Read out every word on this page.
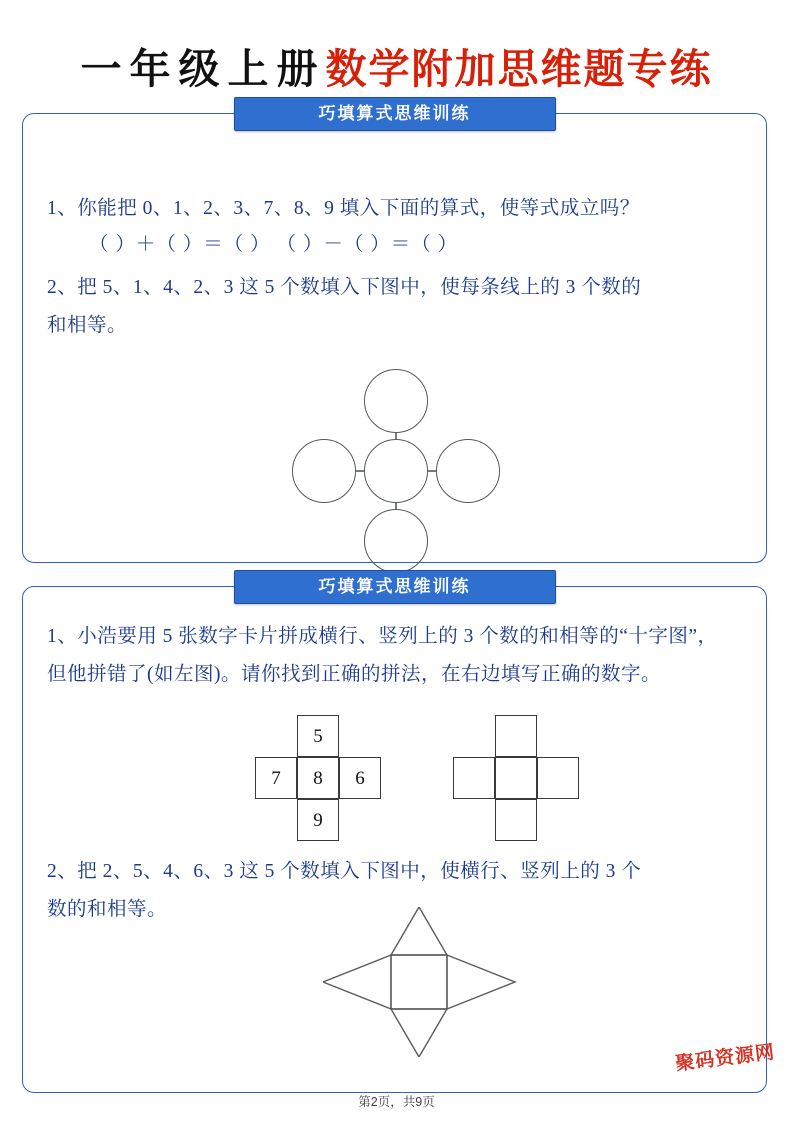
一年级上册数学附加思维题专练
巧填算式思维训练
1、你能把 0、1、2、3、7、8、9 填入下面的算式，使等式成立吗？
（ ）＋（ ）＝（ ） （ ）－（ ）＝（ ）
2、把 5、1、4、2、3 这 5 个数填入下图中，使每条线上的 3 个数的
和相等。
巧填算式思维训练
1、小浩要用 5 张数字卡片拼成横行、竖列上的 3 个数的和相等的“十字图”，
但他拼错了(如左图)。请你找到正确的拼法，在右边填写正确的数字。
5
7	8	6
9
2、把 2、5、4、6、3 这 5 个数填入下图中，使横行、竖列上的 3 个
数的和相等。
聚码资源网
第2页，共9页
